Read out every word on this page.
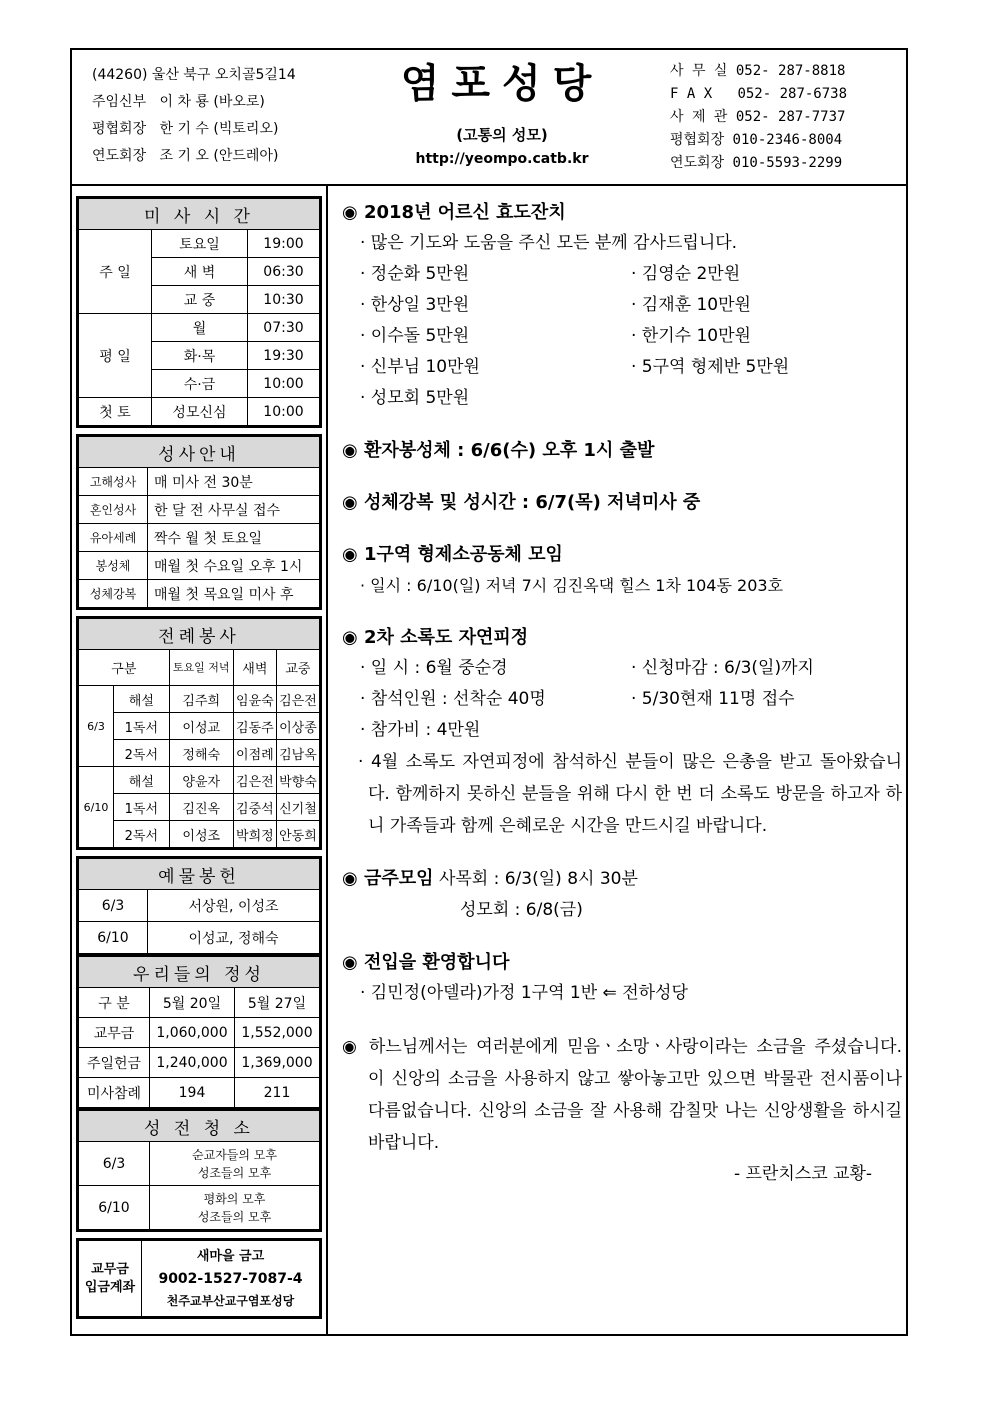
(44260) 울산 북구 오치골5길14
주임신부 이 차 룡 (바오로)
평협회장 한 기 수 (빅토리오)
연도회장 조 기 오 (안드레아)
염포성당
(고통의 성모)
http://yeompo.catb.kr
사 무 실 052- 287-8818
F A X 052- 287-6738
사 제 관 052- 287-7737
평협회장 010-2346-8004
연도회장 010-5593-2299
미 사 시 간		
주 일	토요일	19:00
	새 벽	06:30
	교 중	10:30
평 일	월	07:30
	화·목	19:30
	수·금	10:00
첫 토	성모신심	10:00
성사안내	
고해성사	매 미사 전 30분
혼인성사	한 달 전 사무실 접수
유아세례	짝수 월 첫 토요일
봉성체	매월 첫 수요일 오후 1시
성체강복	매월 첫 목요일 미사 후
전례봉사				
구분		토요일 저녁	새벽	교중
6/3	해설	김주희	임윤숙	김은전
	1독서	이성교	김동주	이상종
	2독서	정해숙	이점례	김남옥
6/10	해설	양윤자	김은전	박향숙
	1독서	김진옥	김중석	신기철
	2독서	이성조	박희정	안동희
예물봉헌	
6/3	서상원, 이성조
6/10	이성교, 정해숙
우리들의 정성		
구 분	5월 20일	5월 27일
교무금	1,060,000	1,552,000
주일헌금	1,240,000	1,369,000
미사참례	194	211
성 전 청 소	
6/3	순교자들의 모후
성조들의 모후

6/10	평화의 모후
성조들의 모후
교무금
입금계좌

새마을 금고
9002-1527-7087-4
천주교부산교구염포성당
◉ 2018년 어르신 효도잔치
· 많은 기도와 도움을 주신 모든 분께 감사드립니다.
· 정순화 5만원
· 한상일 3만원
· 이수돌 5만원
· 신부님 10만원
· 성모회 5만원
· 김영순 2만원
· 김재훈 10만원
· 한기수 10만원
· 5구역 형제반 5만원
◉ 환자봉성체 : 6/6(수) 오후 1시 출발
◉ 성체강복 및 성시간 : 6/7(목) 저녁미사 중
◉ 1구역 형제소공동체 모임
· 일시 : 6/10(일) 저녁 7시 김진옥댁 힐스 1차 104동 203호
◉ 2차 소록도 자연피정
· 일 시 : 6월 중순경	· 신청마감 : 6/3(일)까지
· 참석인원 : 선착순 40명	· 5/30현재 11명 접수
· 참가비 : 4만원
· 4월 소록도 자연피정에 참석하신 분들이 많은 은총을 받고 돌아왔습니다. 함께하지 못하신 분들을 위해 다시 한 번 더 소록도 방문을 하고자 하니 가족들과 함께 은혜로운 시간을 만드시길 바랍니다.
◉ 금주모임 사목회 : 6/3(일) 8시 30분
성모회 : 6/8(금)
◉ 전입을 환영합니다
· 김민정(아델라)가정 1구역 1반 ⇐ 전하성당
◉ 하느님께서는 여러분에게 믿음ㆍ소망ㆍ사랑이라는 소금을 주셨습니다. 이 신앙의 소금을 사용하지 않고 쌓아놓고만 있으면 박물관 전시품이나 다름없습니다. 신앙의 소금을 잘 사용해 감칠맛 나는 신앙생활을 하시길 바랍니다.
- 프란치스코 교황-
